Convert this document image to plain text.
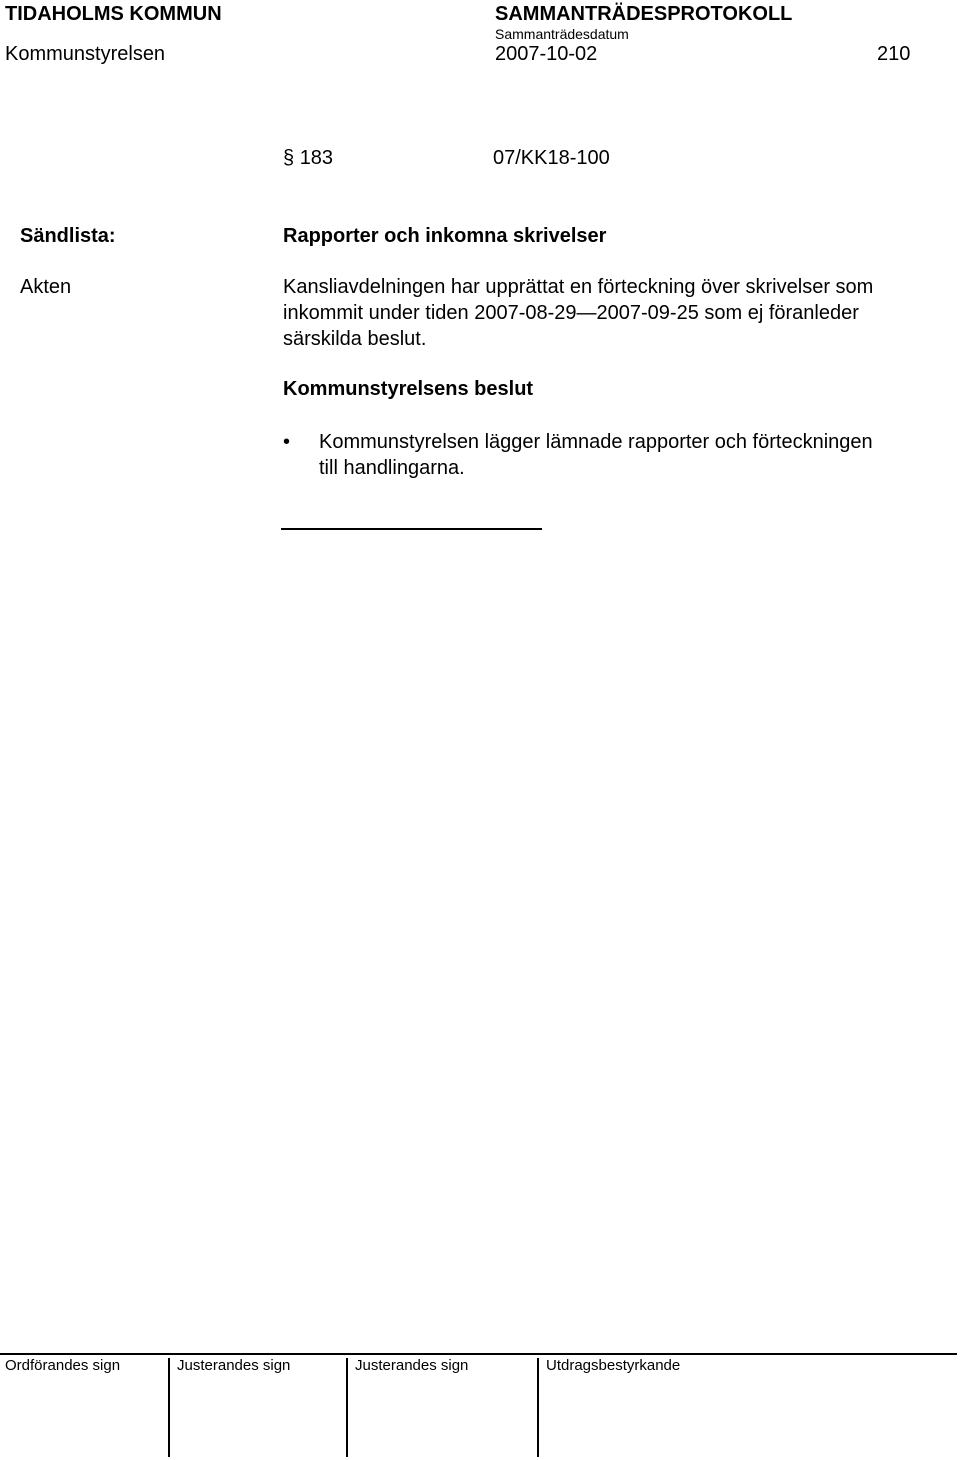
TIDAHOLMS KOMMUN	SAMMANTRÄDESPROTOKOLL
Sammanträdesdatum
Kommunstyrelsen	2007-10-02	210
§ 183	07/KK18-100
Sändlista:
Akten
Rapporter och inkomna skrivelser
Kansliavdelningen har upprättat en förteckning över skrivelser som
inkommit under tiden 2007-08-29—2007-09-25 som ej föranleder
särskilda beslut.
Kommunstyrelsens beslut
• Kommunstyrelsen lägger lämnade rapporter och förteckningen
till handlingarna.
Ordförandes sign	Justerandes sign	Justerandes sign	Utdragsbestyrkande
